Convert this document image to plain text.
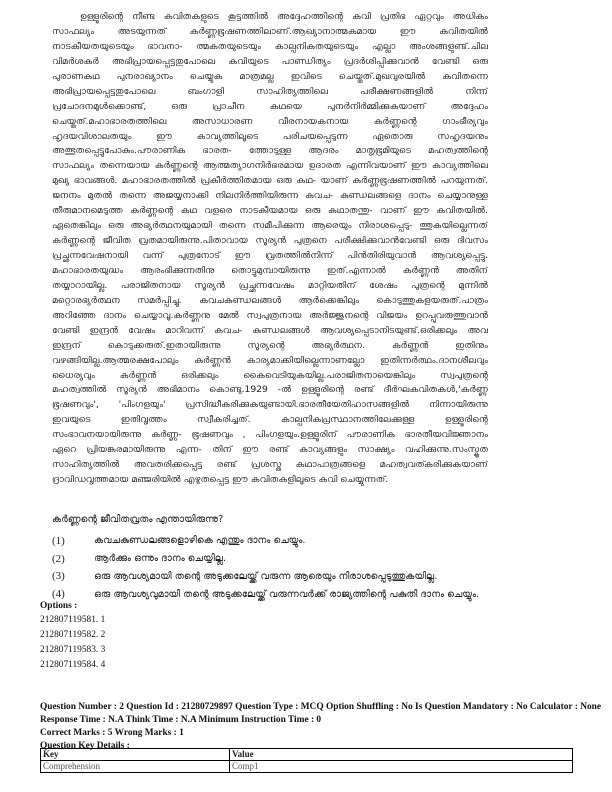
ഉള്ളൂരിന്റെ നീണ്ട കവിതകളുടെ കൂട്ടത്തിൽ അദ്ദേഹത്തിന്റെ കവി പ്രതിഭ ഏറ്റവും അധികം
സാഫല്യം അടയുന്നത് കർണ്ണഭൂഷണത്തിലാണ്.ആഖ്യാനാത്മകമായ ഈ കവിതയിൽ
നാടകീയതയുടെയും ഭാവനാ- ത്മകതയുടെയും കാല്പനികതയുടെയും എല്ലാ അംശങ്ങളുണ്ട്.ചില
വിമർശകർ അഭിപ്രായപ്പെട്ടതുപോലെ കവിയുടെ പാണ്ഡിത്യം പ്രദർശിപ്പിക്കുവാൻ വേണ്ടി ഒരു
പുരാണകഥ പുനരാഖ്യാനം ചെയ്യുക മാത്രമല്ല ഇവിടെ ചെയ്തത്.മുഖവുരയിൽ കവിതന്നെ
അഭിപ്രായപ്പെട്ടതുപോലെ ബംഗാളി സാഹിത്യത്തിലെ പരീക്ഷണങ്ങളിൽ നിന്ന്
പ്രചോദനമുൾക്കൊണ്ട്, ഒരു പ്രാചീന കഥയെ പുനർനിർമ്മിക്കുകയാണ് അദ്ദേഹം
ചെയ്തത്.മഹാഭാരതത്തിലെ അസാധാരണ വീരനായകനായ കർണ്ണന്റെ ഗാംഭീര്യവും
ഹൃദയവിശാലതയും ഈ കാവ്യത്തിലൂടെ പരിചയപ്പെടുന്ന ഏതൊരു സഹൃദയനും
അത്ഭുതപ്പെട്ടുപോകും.പൗരാണിക ഭാരത- ത്തോടുള്ള ആദരം മാതൃഭൂമിയുടെ മഹത്വത്തിന്റെ
സാഫല്യം തന്നെയായ കർണ്ണന്റെ ആത്മത്യാഗനിർഭരമായ ഉദാരത എന്നിവയാണ് ഈ കാവ്യത്തിലെ
മുഖ്യ ഭാവങ്ങൾ. മഹാഭാരതത്തിൽ പ്രകീർത്തിതമായ ഒരു കഥ- യാണ് കർണ്ണഭൂഷണത്തിൽ പറയുന്നത്.
ജനനം മുതൽ തന്നെ അജയ്യനാക്കി നിലനിർത്തിയിരുന്ന കവച- കുണ്ഡലങ്ങളെ ദാനം ചെയ്യാനുള്ള
തീരുമാനമെടുത്ത കർണ്ണന്റെ കഥ വളരെ നാടകീയമായ ഒരു കഥാതന്തു- വാണ് ഈ കവിതയിൽ.
ഏതെങ്കിലും ഒരു അഭ്യർത്ഥനയുമായി തന്നെ സമീപിക്കുന്ന ആരെയും നിരാശപ്പെടു- ത്തുകയില്ലെന്നത്
കർണ്ണന്റെ ജീവിത വ്രതമായിരുന്നു.പിതാവായ സൂര്യൻ പുത്രനെ പരീക്ഷിക്കുവാൻവേണ്ടി ഒരു ദിവസം
പ്രച്ഛന്നവേഷനായി വന്ന് പുത്രനോട് ഈ വ്രതത്തിൽനിന്ന് പിൻതിരിയുവാൻ ആവശ്യപ്പെട്ടു.
മഹാഭാരതയുദ്ധം ആരംഭിക്കുന്നതിനു തൊട്ടുമുമ്പായിരുന്നു ഇത്.എന്നാൽ കർണ്ണൻ അതിന്
തയ്യാറായില്ല. പരാജിതനായ സൂര്യൻ പ്രച്ഛന്നവേഷം മാറ്റിയതിന് ശേഷം പുത്രന്റെ മുന്നിൽ
മറ്റൊരഭ്യർത്ഥന സമർപ്പിച്ചു. കവചകുണ്ഡലങ്ങൾ ആർക്കെങ്കിലും കൊടുത്തുകളയരുത്.പാത്രം
അറിഞ്ഞേ ദാനം ചെയ്യാവൂ.കർണ്ണനു മേൽ സ്വപുത്രനായ അർജ്ജുനന്റെ വിജയം ഉറപ്പുവരുത്തുവാൻ
വേണ്ടി ഇന്ദ്രൻ വേഷം മാറിവന്ന് കവച- കുണ്ഡലങ്ങൾ ആവശ്യപ്പെടാനിടയുണ്ട്.ഒരിക്കലും അവ
ഇന്ദ്രന് കൊടുക്കരുത്.ഇതായിരുന്നു സൂര്യന്റെ അഭ്യർത്ഥന. കർണ്ണൻ ഇതിനും
വഴങ്ങിയില്ല.ആത്മരക്ഷപോലും കർണ്ണൻ കാര്യമാക്കിയില്ലെന്നാണല്ലോ ഇതിന്നർത്ഥം.ദാനശീലവും
ധൈര്യവും കർണ്ണൻ ഒരിക്കലും കൈവെടിയുകയില്ല.പരാജിതനായെങ്കിലും സ്വപുത്രന്റെ
മഹത്വത്തിൽ സൂര്യൻ അഭിമാനം കൊണ്ടു.1929 -ൽ ഉള്ളൂരിന്റെ രണ്ട് ദീർഘകവിതകൾ,'കർണ്ണ
ഭൂഷണവും', 'പിംഗളയും' പ്രസിദ്ധീകരിക്കുകയുണ്ടായി.ഭാരതീയേതിഹാസങ്ങളിൽ നിന്നായിരുന്നു
ഇവയുടെ ഇതിവൃത്തം സ്വീകരിച്ചത്. കാല്പനികപ്രസ്ഥാനത്തിലേക്കുള്ള ഉള്ളൂരിന്റെ
സംഭാവനയായിരുന്നു കർണ്ണ- ഭൂഷണവും , പിംഗളയും.ഉള്ളൂരിന് പൗരാണിക ഭാരതീയവിജ്ഞാനം
ഏറെ പ്രിയങ്കരമായിരുന്നു എന്ന- തിന് ഈ രണ്ട് കാവ്യങ്ങളും സാക്ഷ്യം വഹിക്കുന്നു.സംസ്കൃത
സാഹിത്യത്തിൽ അവതരിക്കപ്പെട്ട രണ്ട് പ്രശസ്ത കഥാപാത്രങ്ങളെ മഹത്വവത്കരിക്കുകയാണ്
ദ്രാവിഡവൃത്തമായ മഞ്ജരിയിൽ എഴുതപ്പെട്ട ഈ കവിതകളിലൂടെ കവി ചെയ്യുന്നത്.
കർണ്ണന്റെ ജീവിതവ്രതം എന്തായിരുന്നു?
(1)	കവചകുണ്ഡലങ്ങളൊഴികെ എന്തും ദാനം ചെയ്യും.
(2)	ആർക്കും ഒന്നും ദാനം ചെയ്യില്ല.
(3)	ഒരു ആവശ്യമായി തന്റെ അടുക്കലേയ്ക്ക് വരുന്ന ആരെയും നിരാശപ്പെടുത്തുകയില്ല.
(4)	ഒരു ആവശ്യവുമായി തന്റെ അടുക്കലേയ്ക്ക് വരുന്നവർക്ക് രാജ്യത്തിന്റെ പകുതി ദാനം ചെയ്യും.
Options :
212807119581. 1
212807119582. 2
212807119583. 3
212807119584. 4
Question Number : 2 Question Id : 21280729897 Question Type : MCQ Option Shuffling : No Is Question Mandatory : No Calculator : None
Response Time : N.A Think Time : N.A Minimum Instruction Time : 0
Correct Marks : 5 Wrong Marks : 1
Question Key Details :
Key	Value
Comprehension	Comp1
